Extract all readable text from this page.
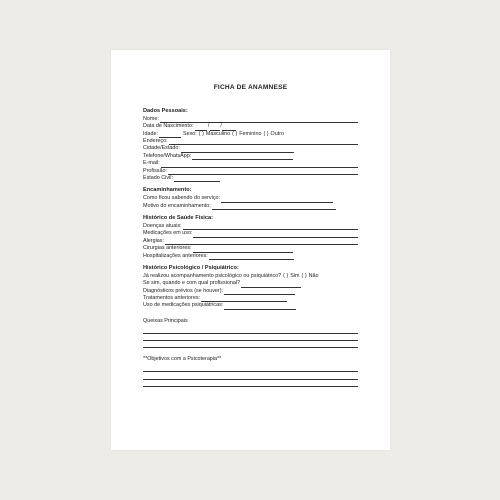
FICHA DE ANAMNESE
Dados Pessoais:
Nome:
Data de Nascimento:	/ /
Idade:	Sexo: ( ) Masculino ( ) Feminino ( ) Outro
Endereço:
Cidade/Estado:
Telefone/WhatsApp:
E-mail:
Profissão:
Estado Civil:
Encaminhamento:
Como ficou sabendo do serviço:
Motivo do encaminhamento:
Histórico de Saúde Física:
Doenças atuais:
Medicações em uso:
Alergias:
Cirurgias anteriores:
Hospitalizações anteriores:
Histórico Psicológico / Psiquiátrico:
Já realizou acompanhamento psicológico ou psiquiátrico? ( ) Sim ( ) Não
Se sim, quando e com qual profissional?
Diagnósticos prévios (se houver):
Tratamentos anteriores:
Uso de medicações psiquiátricas:
Queixas Principais
**Objetivos com a Psicoterapia**
